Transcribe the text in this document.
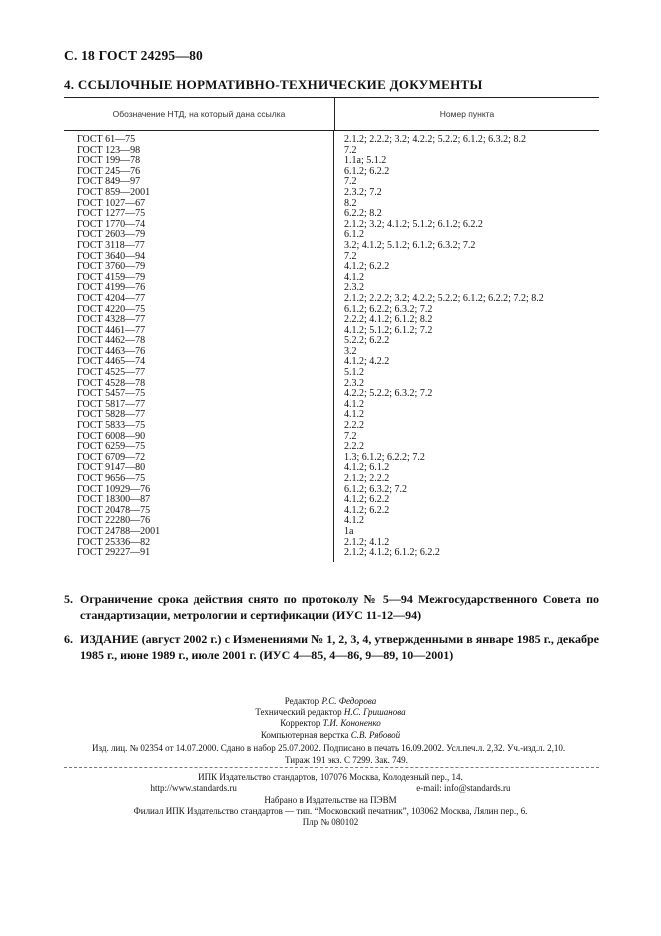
С. 18 ГОСТ 24295—80
4. ССЫЛОЧНЫЕ НОРМАТИВНО-ТЕХНИЧЕСКИЕ ДОКУМЕНТЫ
Обозначение НТД, на который дана ссылка	Номер пункта
ГОСТ 61—75
ГОСТ 123—98
ГОСТ 199—78
ГОСТ 245—76
ГОСТ 849—97
ГОСТ 859—2001
ГОСТ 1027—67
ГОСТ 1277—75
ГОСТ 1770—74
ГОСТ 2603—79
ГОСТ 3118—77
ГОСТ 3640—94
ГОСТ 3760—79
ГОСТ 4159—79
ГОСТ 4199—76
ГОСТ 4204—77
ГОСТ 4220—75
ГОСТ 4328—77
ГОСТ 4461—77
ГОСТ 4462—78
ГОСТ 4463—76
ГОСТ 4465—74
ГОСТ 4525—77
ГОСТ 4528—78
ГОСТ 5457—75
ГОСТ 5817—77
ГОСТ 5828—77
ГОСТ 5833—75
ГОСТ 6008—90
ГОСТ 6259—75
ГОСТ 6709—72
ГОСТ 9147—80
ГОСТ 9656—75
ГОСТ 10929—76
ГОСТ 18300—87
ГОСТ 20478—75
ГОСТ 22280—76
ГОСТ 24788—2001
ГОСТ 25336—82
ГОСТ 29227—91
2.1.2; 2.2.2; 3.2; 4.2.2; 5.2.2; 6.1.2; 6.3.2; 8.2
7.2
1.1а; 5.1.2
6.1.2; 6.2.2
7.2
2.3.2; 7.2
8.2
6.2.2; 8.2
2.1.2; 3.2; 4.1.2; 5.1.2; 6.1.2; 6.2.2
6.1.2
3.2; 4.1.2; 5.1.2; 6.1.2; 6.3.2; 7.2
7.2
4.1.2; 6.2.2
4.1.2
2.3.2
2.1.2; 2.2.2; 3.2; 4.2.2; 5.2.2; 6.1.2; 6.2.2; 7.2; 8.2
6.1.2; 6.2.2; 6.3.2; 7.2
2.2.2; 4.1.2; 6.1.2; 8.2
4.1.2; 5.1.2; 6.1.2; 7.2
5.2.2; 6.2.2
3.2
4.1.2; 4.2.2
5.1.2
2.3.2
4.2.2; 5.2.2; 6.3.2; 7.2
4.1.2
4.1.2
2.2.2
7.2
2.2.2
1.3; 6.1.2; 6.2.2; 7.2
4.1.2; 6.1.2
2.1.2; 2.2.2
6.1.2; 6.3.2; 7.2
4.1.2; 6.2.2
4.1.2; 6.2.2
4.1.2
1а
2.1.2; 4.1.2
2.1.2; 4.1.2; 6.1.2; 6.2.2
5. Ограничение срока действия снято по протоколу № 5—94 Межгосударственного Совета по стандартизации, метрологии и сертификации (ИУС 11-12—94)
6. ИЗДАНИЕ (август 2002 г.) с Изменениями № 1, 2, 3, 4, утвержденными в январе 1985 г., декабре 1985 г., июне 1989 г., июле 2001 г. (ИУС 4—85, 4—86, 9—89, 10—2001)
Редактор Р.С. Федорова
Технический редактор Н.С. Гришанова
Корректор Т.И. Кононенко
Компьютерная верстка С.В. Рябовой
Изд. лиц. № 02354 от 14.07.2000. Сдано в набор 25.07.2002. Подписано в печать 16.09.2002. Усл.печ.л. 2,32. Уч.-изд.л. 2,10.
Тираж 191 экз. С 7299. Зак. 749.
ИПК Издательство стандартов, 107076 Москва, Колодезный пер., 14.
http://www.standards.ru	e-mail: info@standards.ru
Набрано в Издательстве на ПЭВМ
Филиал ИПК Издательство стандартов — тип. “Московский печатник”, 103062 Москва, Лялин пер., 6.
Плр № 080102
